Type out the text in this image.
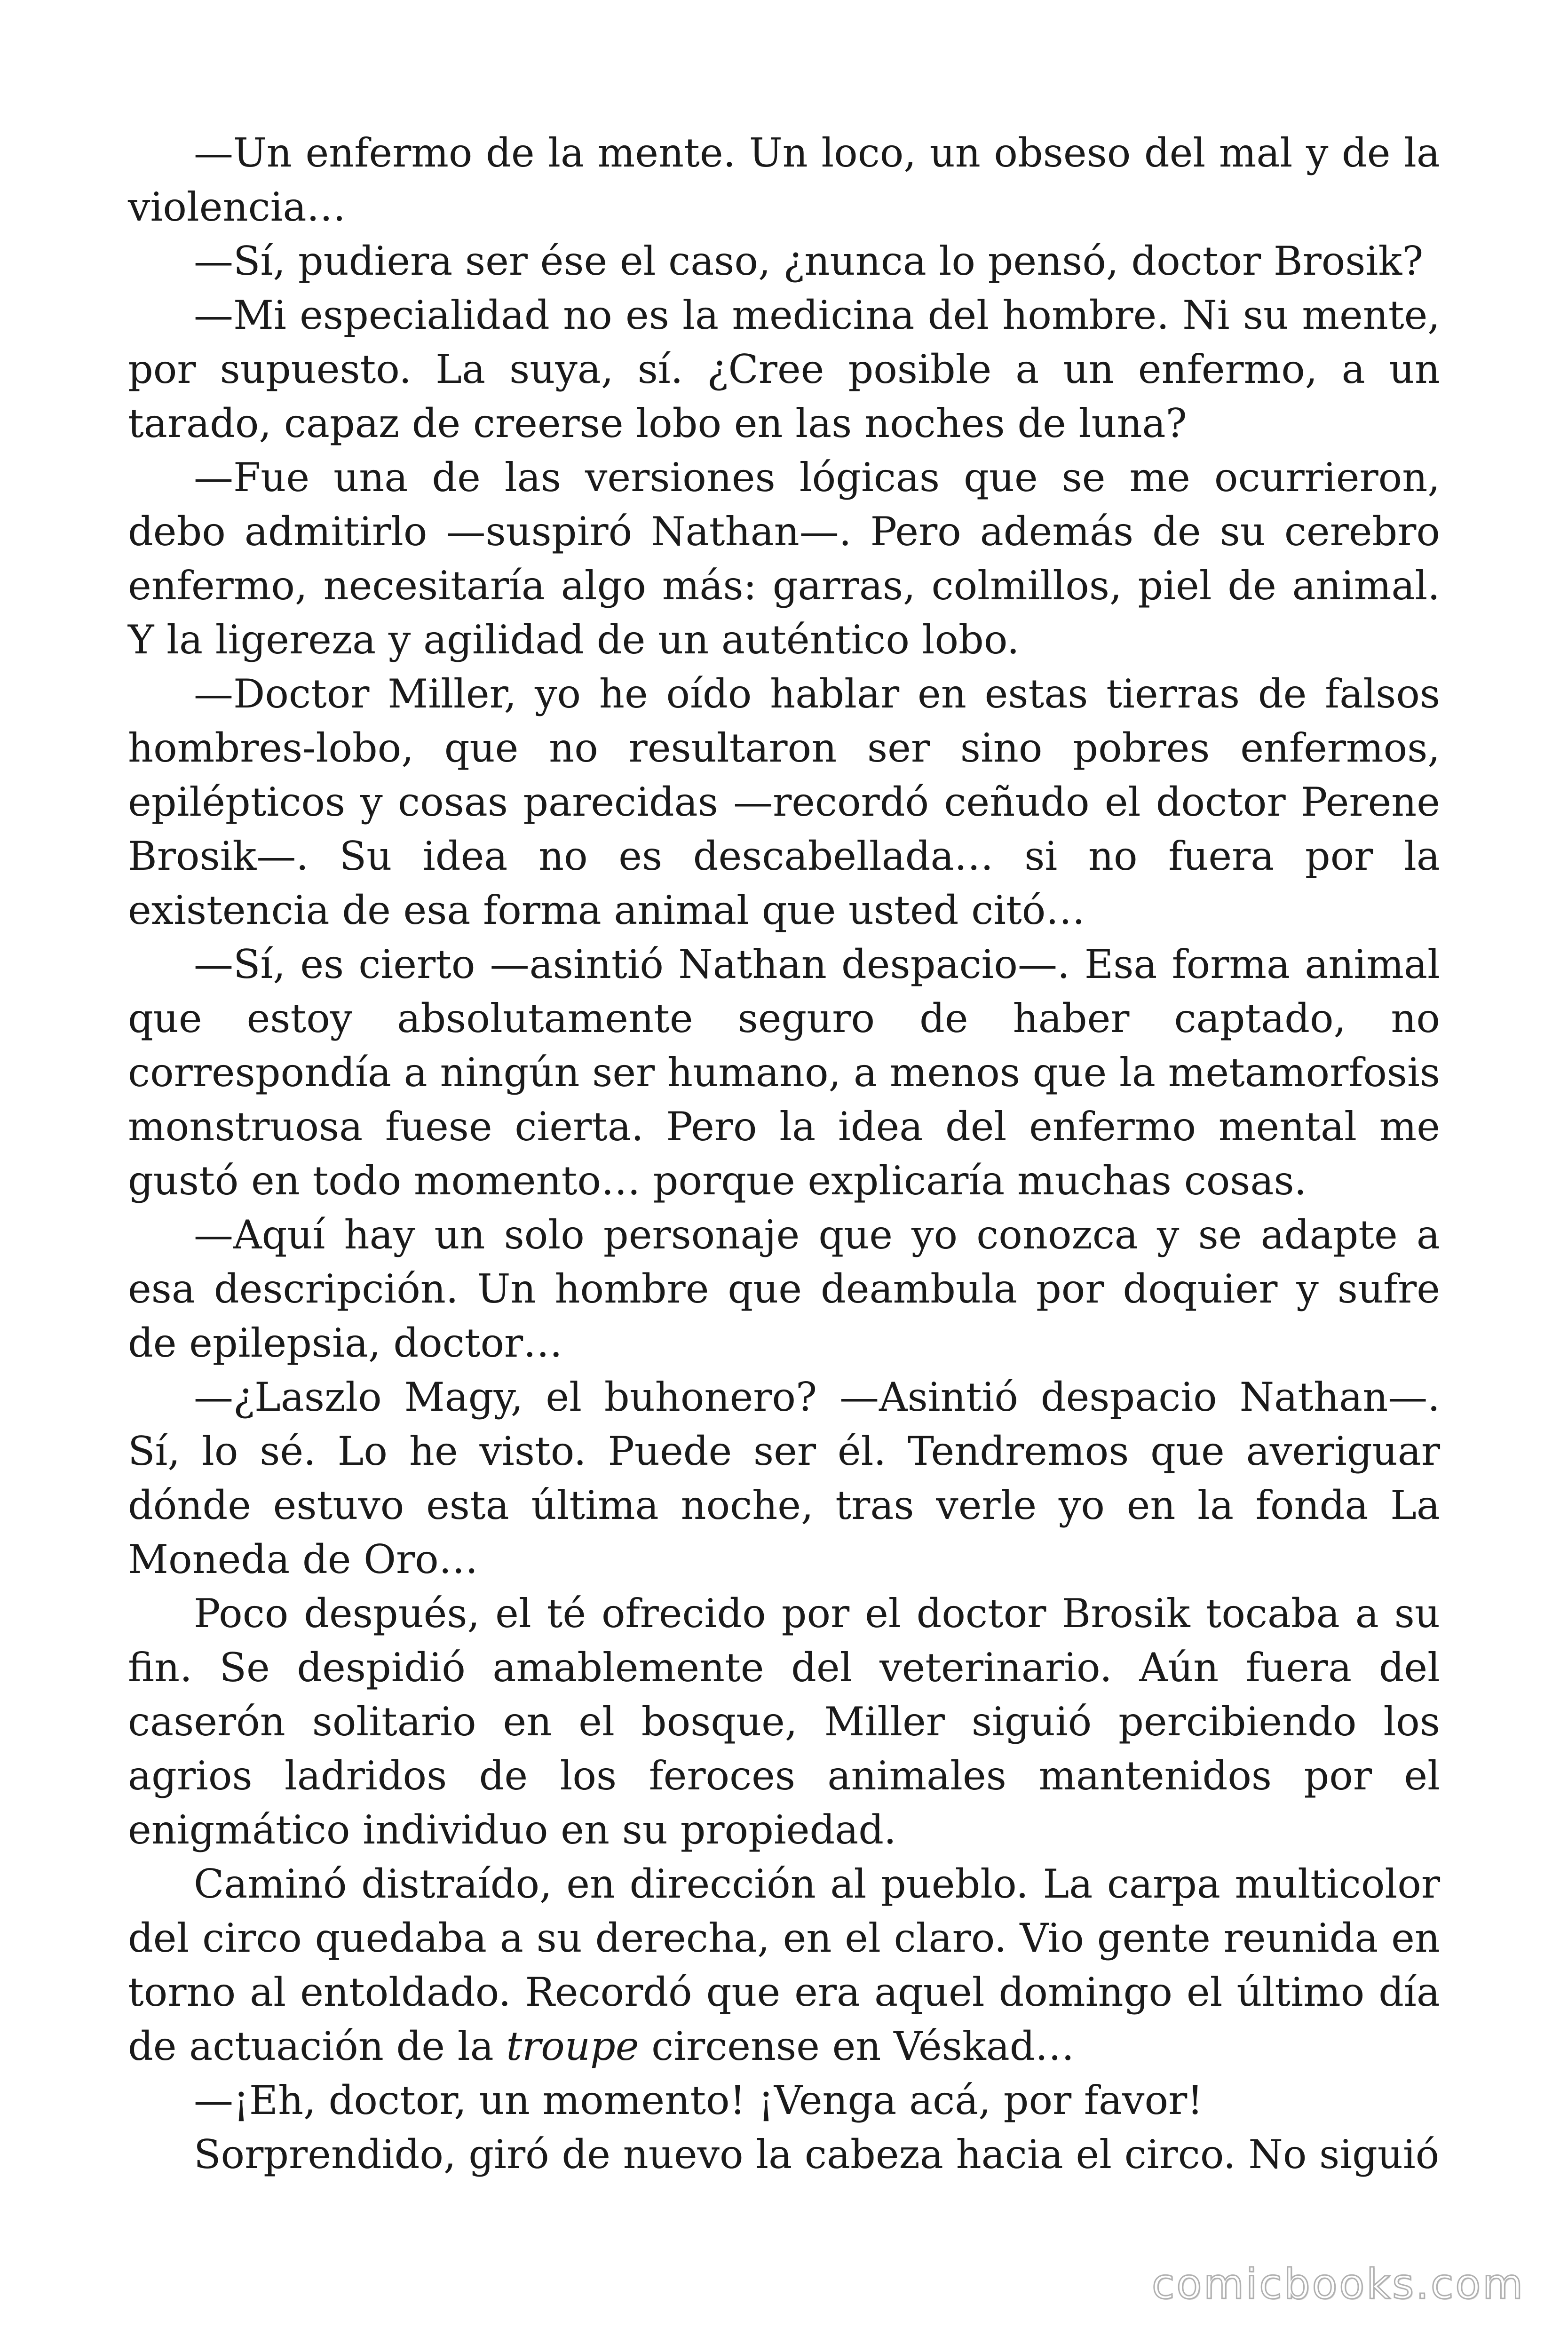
—Un enfermo de la mente. Un loco, un obseso del mal y de la violencia…

—Sí, pudiera ser ése el caso, ¿nunca lo pensó, doctor Brosik?

—Mi especialidad no es la medicina del hombre. Ni su mente, por supuesto. La suya, sí. ¿Cree posible a un enfermo, a un tarado, capaz de creerse lobo en las noches de luna?

—Fue una de las versiones lógicas que se me ocurrieron, debo admitirlo —suspiró Nathan—. Pero además de su cerebro enfermo, necesitaría algo más: garras, colmillos, piel de animal. Y la ligereza y agilidad de un auténtico lobo.

—Doctor Miller, yo he oído hablar en estas tierras de falsos hombres-lobo, que no resultaron ser sino pobres enfermos, epilépticos y cosas parecidas —recordó ceñudo el doctor Perene Brosik—. Su idea no es descabellada… si no fuera por la existencia de esa forma animal que usted citó…

—Sí, es cierto —asintió Nathan despacio—. Esa forma animal que estoy absolutamente seguro de haber captado, no correspondía a ningún ser humano, a menos que la metamorfosis monstruosa fuese cierta. Pero la idea del enfermo mental me gustó en todo momento… porque explicaría muchas cosas.

—Aquí hay un solo personaje que yo conozca y se adapte a esa descripción. Un hombre que deambula por doquier y sufre de epilepsia, doctor…

—¿Laszlo Magy, el buhonero? —Asintió despacio Nathan—. Sí, lo sé. Lo he visto. Puede ser él. Tendremos que averiguar dónde estuvo esta última noche, tras verle yo en la fonda La Moneda de Oro…

Poco después, el té ofrecido por el doctor Brosik tocaba a su fin. Se despidió amablemente del veterinario. Aún fuera del caserón solitario en el bosque, Miller siguió percibiendo los agrios ladridos de los feroces animales mantenidos por el enigmático individuo en su propiedad.

Caminó distraído, en dirección al pueblo. La carpa multicolor del circo quedaba a su derecha, en el claro. Vio gente reunida en torno al entoldado. Recordó que era aquel domingo el último día de actuación de la troupe circense en Véskad…

—¡Eh, doctor, un momento! ¡Venga acá, por favor!

Sorprendido, giró de nuevo la cabeza hacia el circo. No siguió

comicbooks.com
